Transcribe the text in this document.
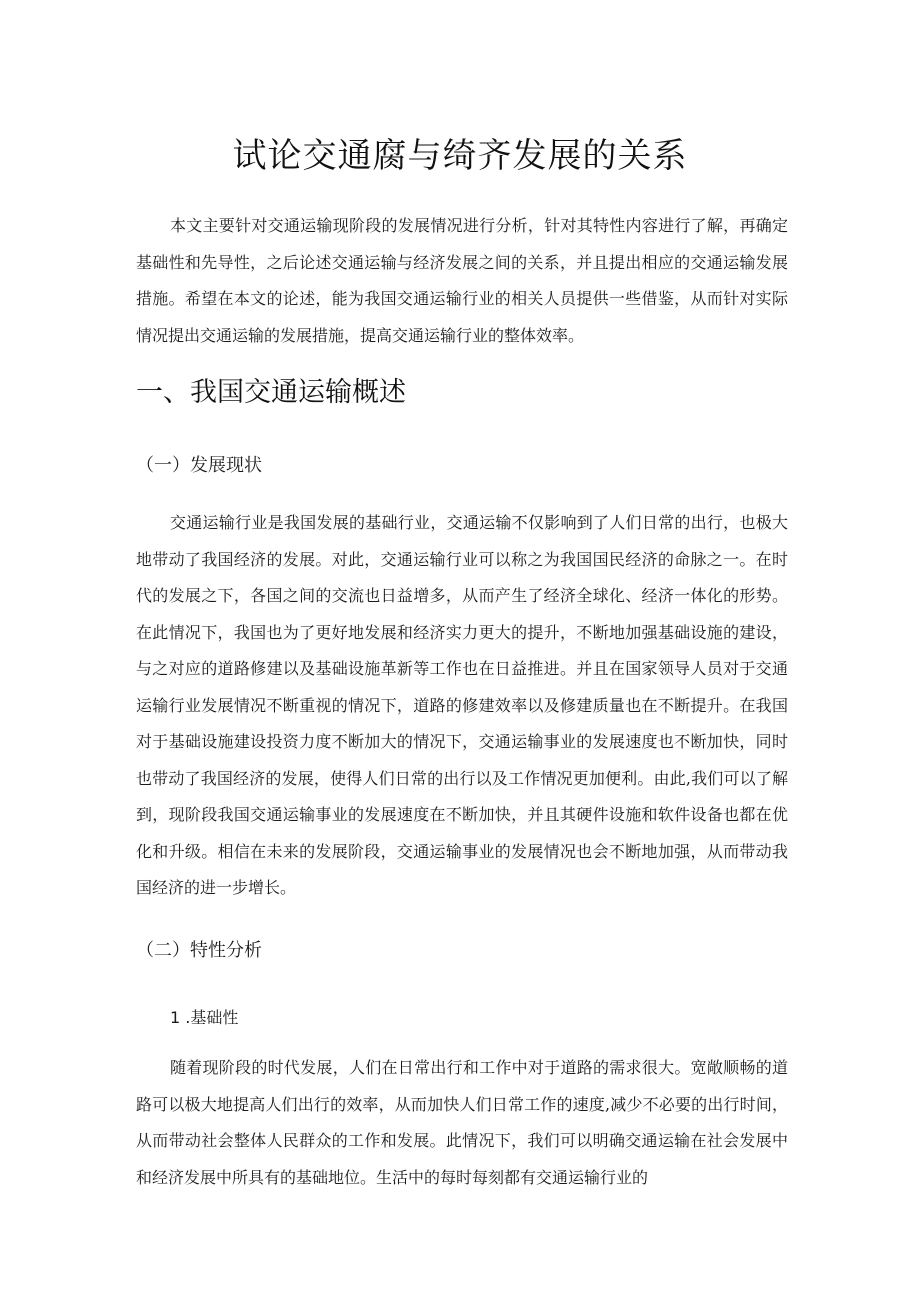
试论交通腐与绮齐发展的关系

本文主要针对交通运输现阶段的发展情况进行分析，针对其特性内容进行了解，再确定基础性和先导性，之后论述交通运输与经济发展之间的关系，并且提出相应的交通运输发展措施。希望在本文的论述，能为我国交通运输行业的相关人员提供一些借鉴，从而针对实际情况提出交通运输的发展措施，提高交通运输行业的整体效率。

一、我国交通运输概述
（一）发展现状

交通运输行业是我国发展的基础行业，交通运输不仅影响到了人们日常的出行，也极大地带动了我国经济的发展。对此，交通运输行业可以称之为我国国民经济的命脉之一。在时代的发展之下，各国之间的交流也日益增多，从而产生了经济全球化、经济一体化的形势。在此情况下，我国也为了更好地发展和经济实力更大的提升，不断地加强基础设施的建设，与之对应的道路修建以及基础设施革新等工作也在日益推进。并且在国家领导人员对于交通运输行业发展情况不断重视的情况下，道路的修建效率以及修建质量也在不断提升。在我国对于基础设施建设投资力度不断加大的情况下，交通运输事业的发展速度也不断加快，同时也带动了我国经济的发展，使得人们日常的出行以及工作情况更加便利。由此,我们可以了解到，现阶段我国交通运输事业的发展速度在不断加快，并且其硬件设施和软件设备也都在优化和升级。相信在未来的发展阶段，交通运输事业的发展情况也会不断地加强，从而带动我国经济的进一步增长。

（二）特性分析
1 .基础性

随着现阶段的时代发展，人们在日常出行和工作中对于道路的需求很大。宽敞顺畅的道路可以极大地提高人们出行的效率，从而加快人们日常工作的速度,减少不必要的出行时间，从而带动社会整体人民群众的工作和发展。此情况下，我们可以明确交通运输在社会发展中和经济发展中所具有的基础地位。生活中的每时每刻都有交通运输行业的
